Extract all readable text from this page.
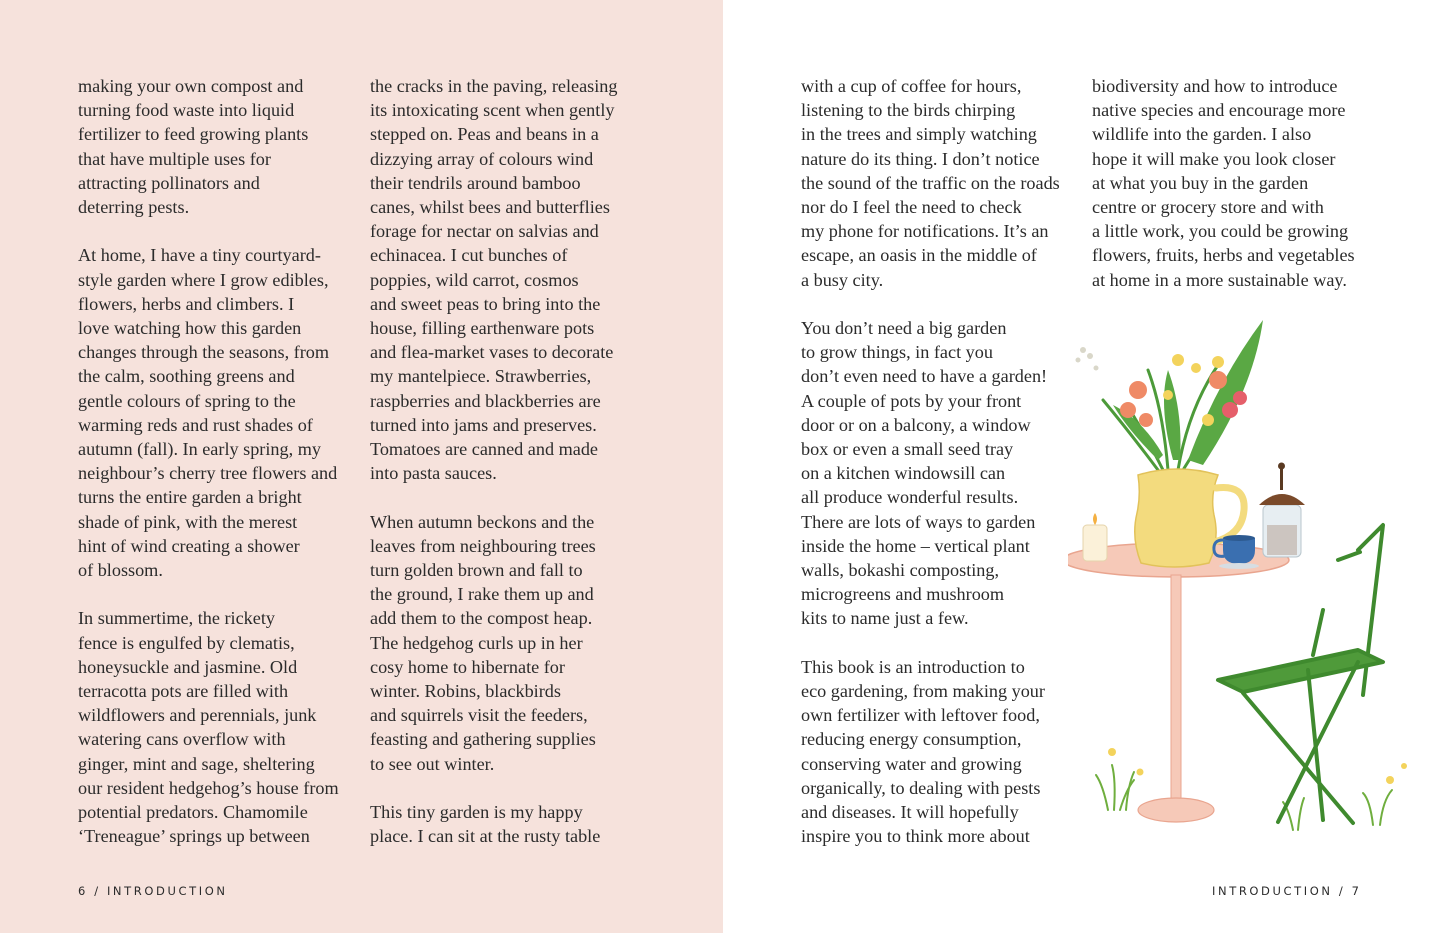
making your own compost and
turning food waste into liquid
fertilizer to feed growing plants
that have multiple uses for
attracting pollinators and
deterring pests.

At home, I have a tiny courtyard-
style garden where I grow edibles,
flowers, herbs and climbers. I
love watching how this garden
changes through the seasons, from
the calm, soothing greens and
gentle colours of spring to the
warming reds and rust shades of
autumn (fall). In early spring, my
neighbour’s cherry tree flowers and
turns the entire garden a bright
shade of pink, with the merest
hint of wind creating a shower
of blossom.

In summertime, the rickety
fence is engulfed by clematis,
honeysuckle and jasmine. Old
terracotta pots are filled with
wildflowers and perennials, junk
watering cans overflow with
ginger, mint and sage, sheltering
our resident hedgehog’s house from
potential predators. Chamomile
‘Treneague’ springs up between

the cracks in the paving, releasing
its intoxicating scent when gently
stepped on. Peas and beans in a
dizzying array of colours wind
their tendrils around bamboo
canes, whilst bees and butterflies
forage for nectar on salvias and
echinacea. I cut bunches of
poppies, wild carrot, cosmos
and sweet peas to bring into the
house, filling earthenware pots
and flea-market vases to decorate
my mantelpiece. Strawberries,
raspberries and blackberries are
turned into jams and preserves.
Tomatoes are canned and made
into pasta sauces.

When autumn beckons and the
leaves from neighbouring trees
turn golden brown and fall to
the ground, I rake them up and
add them to the compost heap.
The hedgehog curls up in her
cosy home to hibernate for
winter. Robins, blackbirds
and squirrels visit the feeders,
feasting and gathering supplies
to see out winter.

This tiny garden is my happy
place. I can sit at the rusty table

6 / INTRODUCTION

with a cup of coffee for hours,
listening to the birds chirping
in the trees and simply watching
nature do its thing. I don’t notice
the sound of the traffic on the roads
nor do I feel the need to check
my phone for notifications. It’s an
escape, an oasis in the middle of
a busy city.

You don’t need a big garden
to grow things, in fact you
don’t even need to have a garden!
A couple of pots by your front
door or on a balcony, a window
box or even a small seed tray
on a kitchen windowsill can
all produce wonderful results.
There are lots of ways to garden
inside the home – vertical plant
walls, bokashi composting,
microgreens and mushroom
kits to name just a few.

This book is an introduction to
eco gardening, from making your
own fertilizer with leftover food,
reducing energy consumption,
conserving water and growing
organically, to dealing with pests
and diseases. It will hopefully
inspire you to think more about

biodiversity and how to introduce
native species and encourage more
wildlife into the garden. I also
hope it will make you look closer
at what you buy in the garden
centre or grocery store and with
a little work, you could be growing
flowers, fruits, herbs and vegetables
at home in a more sustainable way.

INTRODUCTION / 7
